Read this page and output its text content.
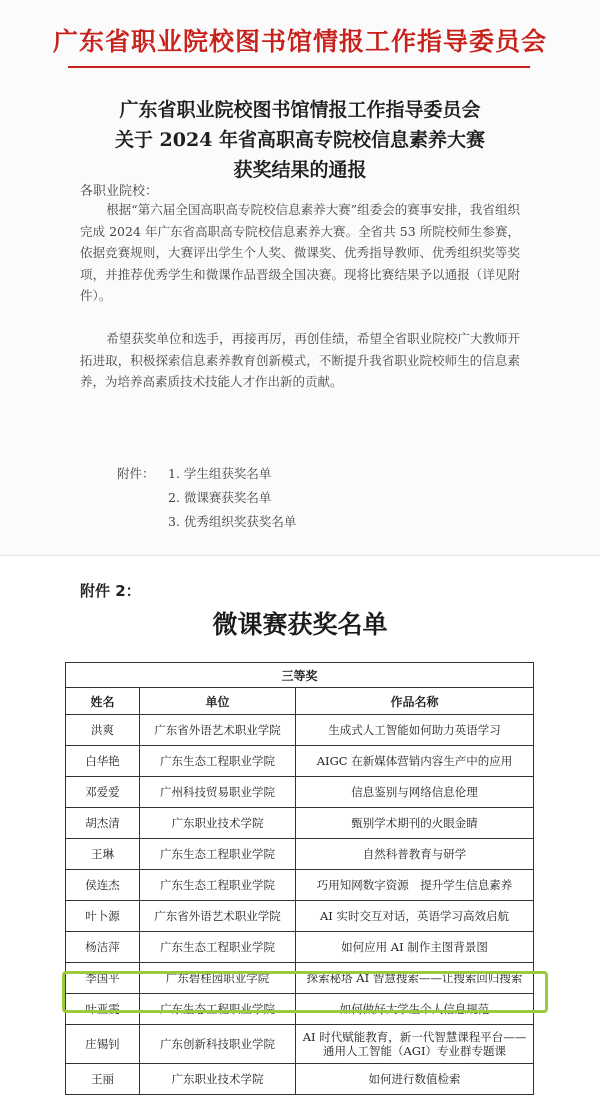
广东省职业院校图书馆情报工作指导委员会
广东省职业院校图书馆情报工作指导委员会
关于 2024 年省高职高专院校信息素养大赛
获奖结果的通报
各职业院校：

根据“第六届全国高职高专院校信息素养大赛”组委会的赛事安排，我省组织完成 2024 年广东省高职高专院校信息素养大赛。全省共 53 所院校师生参赛，依据竞赛规则，大赛评出学生个人奖、微课奖、优秀指导教师、优秀组织奖等奖项，并推荐优秀学生和微课作品晋级全国决赛。现将比赛结果予以通报（详见附件）。

希望获奖单位和选手，再接再厉，再创佳绩，希望全省职业院校广大教师开拓进取，积极探索信息素养教育创新模式，不断提升我省职业院校师生的信息素养，为培养高素质技术技能人才作出新的贡献。

附件： 1. 学生组获奖名单
2. 微课赛获奖名单
3. 优秀组织奖获奖名单
附件 2：
微课赛获奖名单
三等奖		
姓名	单位	作品名称
洪爽	广东省外语艺术职业学院	生成式人工智能如何助力英语学习
白华艳	广东生态工程职业学院	AIGC 在新媒体营销内容生产中的应用
邓爱爱	广州科技贸易职业学院	信息鉴别与网络信息伦理
胡杰清	广东职业技术学院	甄别学术期刊的火眼金睛
王琳	广东生态工程职业学院	自然科普教育与研学
侯连杰	广东生态工程职业学院	巧用知网数字资源　提升学生信息素养
叶卜源	广东省外语艺术职业学院	AI 实时交互对话，英语学习高效启航
杨洁萍	广东生态工程职业学院	如何应用 AI 制作主图背景图
李国平	广东碧桂园职业学院	探索秘塔 AI 智慧搜索——让搜索回归搜索
叶亚雯	广东生态工程职业学院	如何做好大学生个人信息规范
庄锡钊	广东创新科技职业学院	AI 时代赋能教育，新一代智慧课程平台——通用人工智能（AGI）专业群专题课
王丽	广东职业技术学院	如何进行数值检索
